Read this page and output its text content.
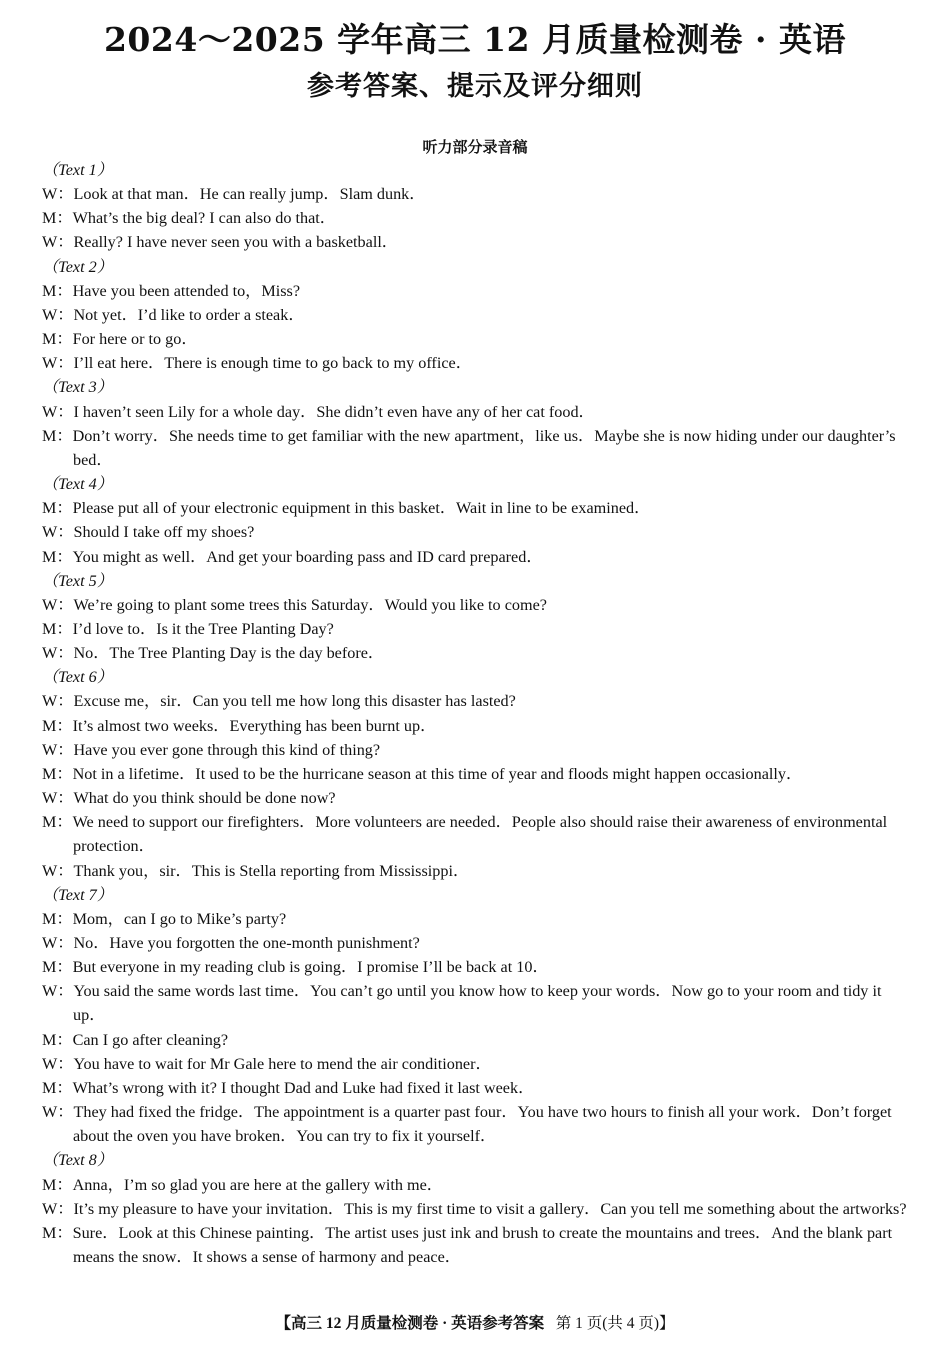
2024～2025 学年高三 12 月质量检测卷 · 英语
参考答案、提示及评分细则
听力部分录音稿
（Text 1）
W：Look at that man．He can really jump．Slam dunk．
M：What’s the big deal? I can also do that．
W：Really? I have never seen you with a basketball．
（Text 2）
M：Have you been attended to，Miss?
W：Not yet．I’d like to order a steak．
M：For here or to go．
W：I’ll eat here．There is enough time to go back to my office．
（Text 3）
W：I haven’t seen Lily for a whole day．She didn’t even have any of her cat food．
M：Don’t worry．She needs time to get familiar with the new apartment，like us．Maybe she is now hiding under our daughter’s bed．
（Text 4）
M：Please put all of your electronic equipment in this basket．Wait in line to be examined．
W：Should I take off my shoes?
M：You might as well．And get your boarding pass and ID card prepared．
（Text 5）
W：We’re going to plant some trees this Saturday．Would you like to come?
M：I’d love to．Is it the Tree Planting Day?
W：No．The Tree Planting Day is the day before．
（Text 6）
W：Excuse me，sir．Can you tell me how long this disaster has lasted?
M：It’s almost two weeks．Everything has been burnt up．
W：Have you ever gone through this kind of thing?
M：Not in a lifetime．It used to be the hurricane season at this time of year and floods might happen occasionally．
W：What do you think should be done now?
M：We need to support our firefighters．More volunteers are needed．People also should raise their awareness of environmental protection．
W：Thank you，sir．This is Stella reporting from Mississippi．
（Text 7）
M：Mom，can I go to Mike’s party?
W：No．Have you forgotten the one-month punishment?
M：But everyone in my reading club is going．I promise I’ll be back at 10．
W：You said the same words last time．You can’t go until you know how to keep your words．Now go to your room and tidy it up．
M：Can I go after cleaning?
W：You have to wait for Mr Gale here to mend the air conditioner．
M：What’s wrong with it? I thought Dad and Luke had fixed it last week．
W：They had fixed the fridge．The appointment is a quarter past four．You have two hours to finish all your work．Don’t forget about the oven you have broken．You can try to fix it yourself．
（Text 8）
M：Anna，I’m so glad you are here at the gallery with me．
W：It’s my pleasure to have your invitation．This is my first time to visit a gallery．Can you tell me something about the artworks?
M：Sure．Look at this Chinese painting．The artist uses just ink and brush to create the mountains and trees．And the blank part means the snow．It shows a sense of harmony and peace．
【高三 12 月质量检测卷 · 英语参考答案 第 1 页(共 4 页)】
